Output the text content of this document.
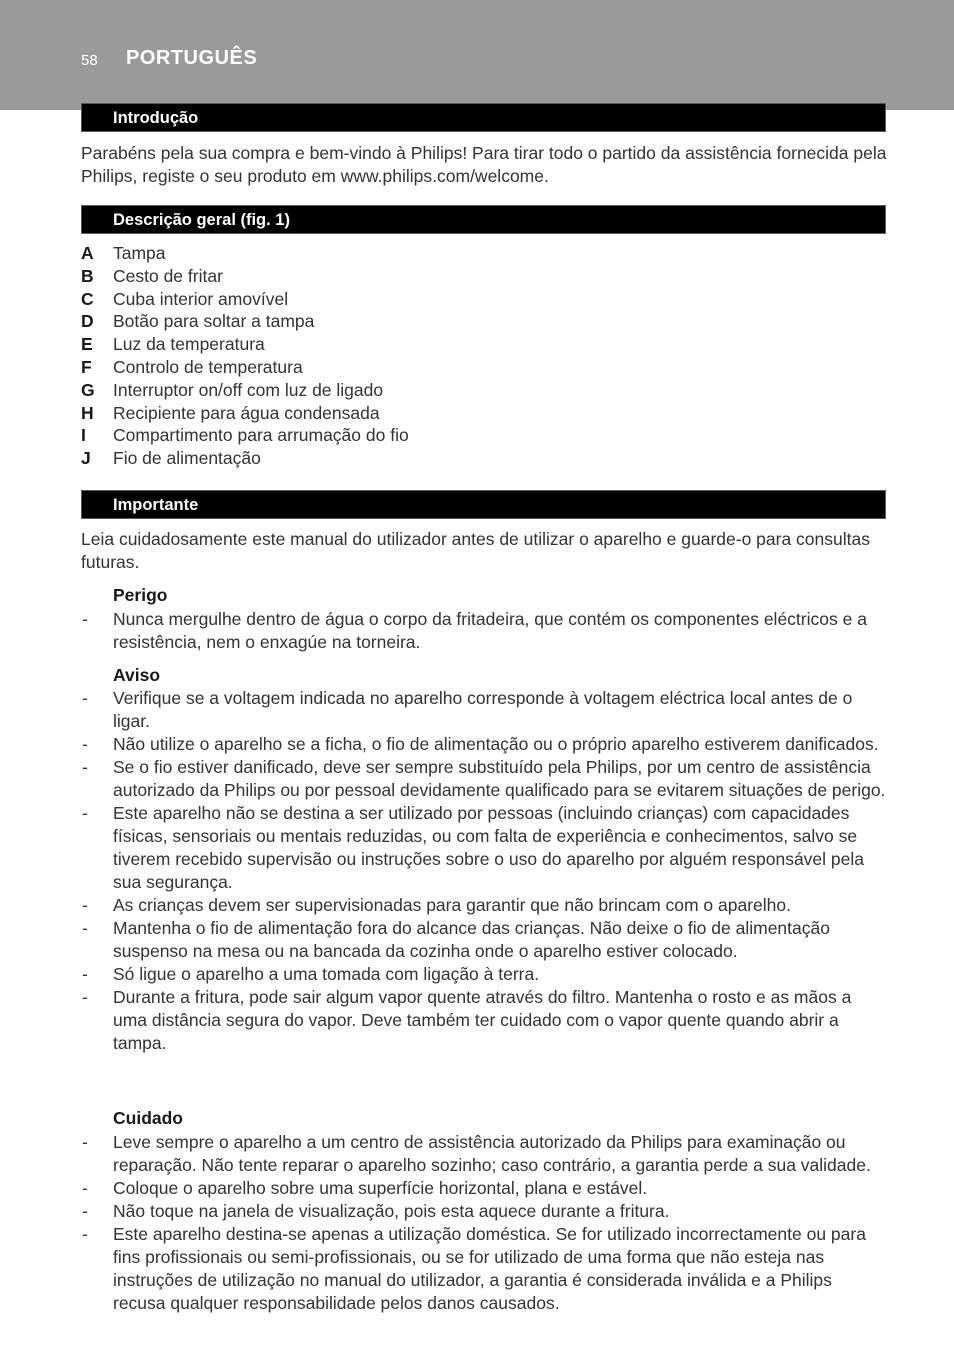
58 PORTUGUÊS
Introdução

Parabéns pela sua compra e bem-vindo à Philips! Para tirar todo o partido da assistência fornecida pela Philips, registe o seu produto em www.philips.com/welcome.

Descrição geral (fig. 1)
A	Tampa
B	Cesto de fritar
C	Cuba interior amovível
D	Botão para soltar a tampa
E	Luz da temperatura
F	Controlo de temperatura
G	Interruptor on/off com luz de ligado
H	Recipiente para água condensada
I	Compartimento para arrumação do fio
J	Fio de alimentação
Importante

Leia cuidadosamente este manual do utilizador antes de utilizar o aparelho e guarde-o para consultas futuras.

Perigo
-	Nunca mergulhe dentro de água o corpo da fritadeira, que contém os componentes eléctricos e a resistência, nem o enxagúe na torneira.
Aviso
-	Verifique se a voltagem indicada no aparelho corresponde à voltagem eléctrica local antes de o ligar.
-	Não utilize o aparelho se a ficha, o fio de alimentação ou o próprio aparelho estiverem danificados.
-	Se o fio estiver danificado, deve ser sempre substituído pela Philips, por um centro de assistência autorizado da Philips ou por pessoal devidamente qualificado para se evitarem situações de perigo.
-	Este aparelho não se destina a ser utilizado por pessoas (incluindo crianças) com capacidades físicas, sensoriais ou mentais reduzidas, ou com falta de experiência e conhecimentos, salvo se tiverem recebido supervisão ou instruções sobre o uso do aparelho por alguém responsável pela sua segurança.
-	As crianças devem ser supervisionadas para garantir que não brincam com o aparelho.
-	Mantenha o fio de alimentação fora do alcance das crianças. Não deixe o fio de alimentação suspenso na mesa ou na bancada da cozinha onde o aparelho estiver colocado.
-	Só ligue o aparelho a uma tomada com ligação à terra.
-	Durante a fritura, pode sair algum vapor quente através do filtro. Mantenha o rosto e as mãos a uma distância segura do vapor. Deve também ter cuidado com o vapor quente quando abrir a tampa.
Cuidado
-	Leve sempre o aparelho a um centro de assistência autorizado da Philips para examinação ou reparação. Não tente reparar o aparelho sozinho; caso contrário, a garantia perde a sua validade.
-	Coloque o aparelho sobre uma superfície horizontal, plana e estável.
-	Não toque na janela de visualização, pois esta aquece durante a fritura.
-	Este aparelho destina-se apenas a utilização doméstica. Se for utilizado incorrectamente ou para fins profissionais ou semi-profissionais, ou se for utilizado de uma forma que não esteja nas instruções de utilização no manual do utilizador, a garantia é considerada inválida e a Philips recusa qualquer responsabilidade pelos danos causados.
